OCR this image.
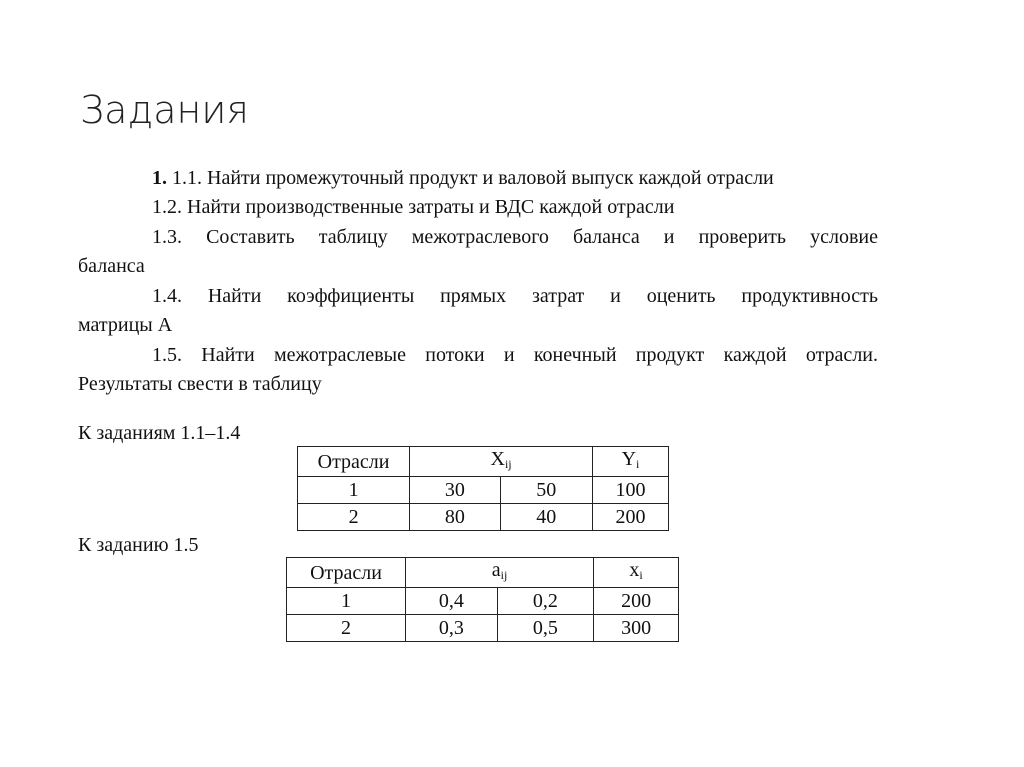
Задания
1. 1.1. Найти промежуточный продукт и валовой выпуск каждой отрасли
1.2. Найти производственные затраты и ВДС каждой отрасли
1.3. Составить таблицу межотраслевого баланса и проверить условие
баланса
1.4. Найти коэффициенты прямых затрат и оценить продуктивность
матрицы А
1.5. Найти межотраслевые потоки и конечный продукт каждой отрасли.
Результаты свести в таблицу
К заданиям 1.1–1.4
Отрасли	$X_{ij}$		$Y_i$
1	30	50	100
2	80	40	200
К заданию 1.5
Отрасли	$a_{ij}$		$x_i$
1	0,4	0,2	200
2	0,3	0,5	300
